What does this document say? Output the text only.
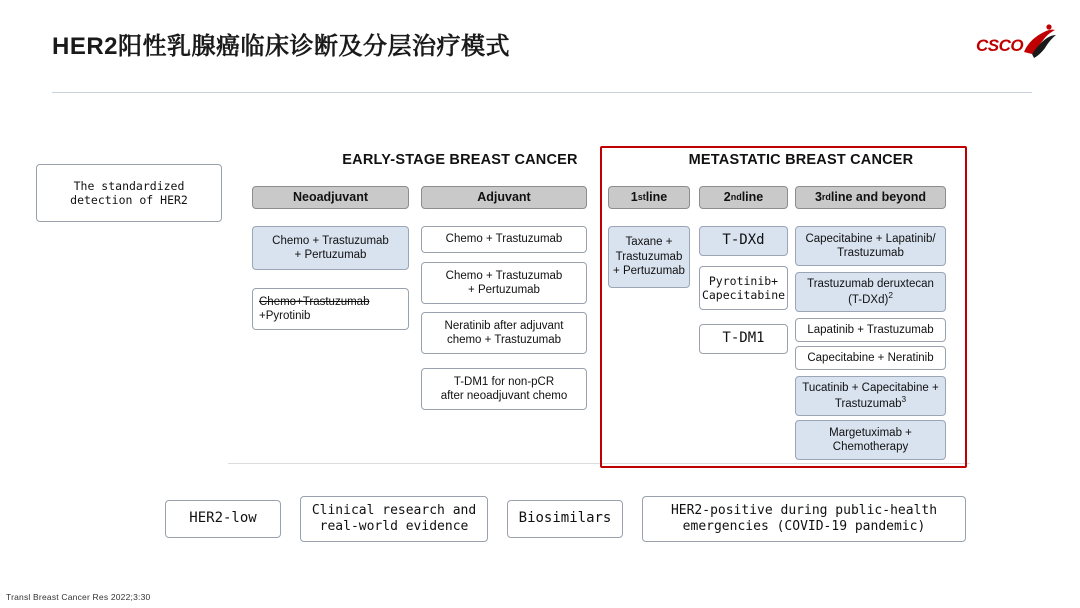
HER2阳性乳腺癌临床诊断及分层治疗模式	CSCO
The standardized
detection of HER2
EARLY-STAGE BREAST CANCER	METASTATIC BREAST CANCER
Neoadjuvant
Chemo + Trastuzumab
+ Pertuzumab
Chemo+Trastuzumab
+Pyrotinib
Adjuvant
Chemo + Trastuzumab
Chemo + Trastuzumab
+ Pertuzumab
Neratinib after adjuvant
chemo + Trastuzumab
T-DM1 for non-pCR
after neoadjuvant chemo
1 st line
Taxane +
Trastuzumab
+ Pertuzumab
2 nd line
T-DXd
Pyrotinib+
Capecitabine
T-DM1
3 rd line and beyond
Capecitabine + Lapatinib/
Trastuzumab
Trastuzumab deruxtecan
$(T-DXd)^2$
Lapatinib + Trastuzumab
Capecitabine + Neratinib
Tucatinib + Capecitabine +
Trastuzumab$^3$
Margetuximab +
Chemotherapy
HER2-low	Clinical research and
real-world evidence
Biosimilars	HER2-positive during public-health
emergencies (COVID-19 pandemic)
Transl Breast Cancer Res 2022;3:30
